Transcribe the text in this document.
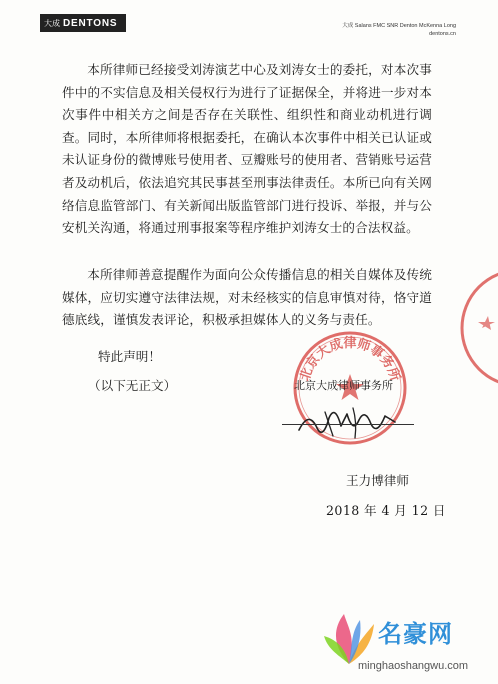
大成 DENTONS	大成 Salans FMC SNR Denton McKenna Long
dentons.cn

本所律师已经接受刘涛演艺中心及刘涛女士的委托，对本次事件中的不实信息及相关侵权行为进行了证据保全，并将进一步对本次事件中相关方之间是否存在关联性、组织性和商业动机进行调查。同时，本所律师将根据委托，在确认本次事件中相关已认证或未认证身份的微博账号使用者、豆瓣账号的使用者、营销账号运营者及动机后，依法追究其民事甚至刑事法律责任。本所已向有关网络信息监管部门、有关新闻出版监管部门进行投诉、举报，并与公安机关沟通，将通过刑事报案等程序维护刘涛女士的合法权益。

本所律师善意提醒作为面向公众传播信息的相关自媒体及传统媒体，应切实遵守法律法规，对未经核实的信息审慎对待，恪守道德底线，谨慎发表评论，积极承担媒体人的义务与责任。

特此声明！
（以下无正文）
北京大成律师事务所
北京大成律师事务所
王力博律师
2018 年 4 月 12 日
名豪网
minghaoshangwu.com
